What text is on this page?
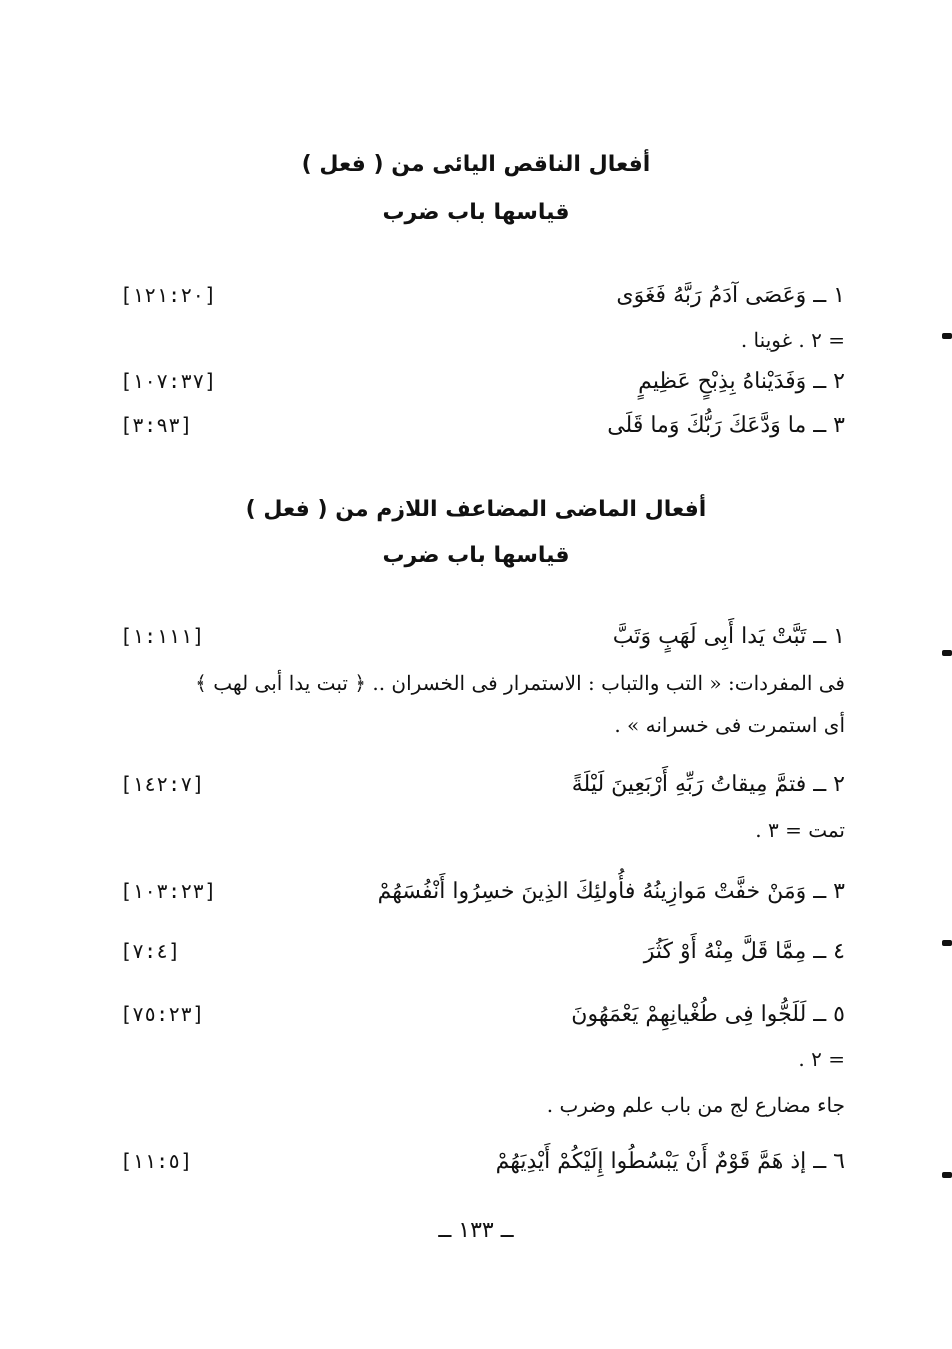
أفعال الناقص اليائى من ( فعل )
قياسها باب ضرب
١ ــ وَعَصَى آدَمُ رَبَّهُ فَغَوَى
[١٢١:٢٠]
= ٢ . غوينا .
٢ ــ وَفَدَيْناهُ بِذِبْحٍ عَظِيمٍ
[١٠٧:٣٧]
٣ ــ ما وَدَّعَكَ رَبُّكَ وَما قَلَى
[٣:٩٣]
أفعال الماضى المضاعف اللازم من ( فعل )
قياسها باب ضرب
١ ــ تَبَّتْ يَدا أَبِى لَهَبٍ وَتَبَّ
[١:١١١]
فى المفردات: « التب والتباب : الاستمرار فى الخسران .. ﴿ تبت يدا أبى لهب ﴾
أى استمرت فى خسرانه » .
٢ ــ فتمَّ مِيقاتُ رَبِّهِ أَرْبَعِينَ لَيْلَةً
[١٤٢:٧]
تمت = ٣ .
٣ ــ وَمَنْ خفَّتْ مَوازِينُهُ فأُولئِكَ الذِينَ خسِرُوا أَنْفُسَهُمْ
[١٠٣:٢٣]
٤ ــ مِمَّا قَلَّ مِنْهُ أَوْ كَثُرَ
[٧:٤]
٥ ــ لَلَجُّوا فِى طُغْيانِهِمْ يَعْمَهُونَ
[٧٥:٢٣]
= ٢ .
جاء مضارع لج من باب علم وضرب .
٦ ــ إذ هَمَّ قَوْمٌ أَنْ يَبْسُطُوا إِلَيْكُمْ أَيْدِيَهُمْ
[١١:٥]
ــ ١٣٣ ــ
